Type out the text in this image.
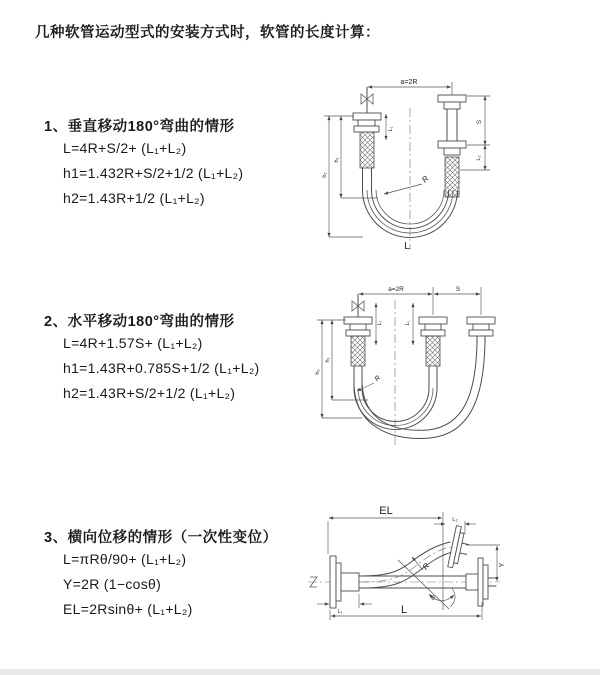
几种软管运动型式的安装方式时，软管的长度计算：
1、垂直移动180°弯曲的情形
L=4R+S/2+ (L₁+L₂)
h1=1.432R+S/2+1/2 (L₁+L₂)
h2=1.43R+1/2 (L₁+L₂)
2、水平移动180°弯曲的情形
L=4R+1.57S+ (L₁+L₂)
h1=1.43R+0.785S+1/2 (L₁+L₂)
h2=1.43R+S/2+1/2 (L₁+L₂)
3、横向位移的情形（一次性变位）
L=πRθ/90+ (L₁+L₂)
Y=2R (1−cosθ)
EL=2Rsinθ+ (L₁+L₂)
a=2R
L₁
S
L₂
h₂
h₁
R
L
a=2R	S
L₁	L₂
h₂
h₁
R
EL
L₂
Y
R
θ
L
L₁
